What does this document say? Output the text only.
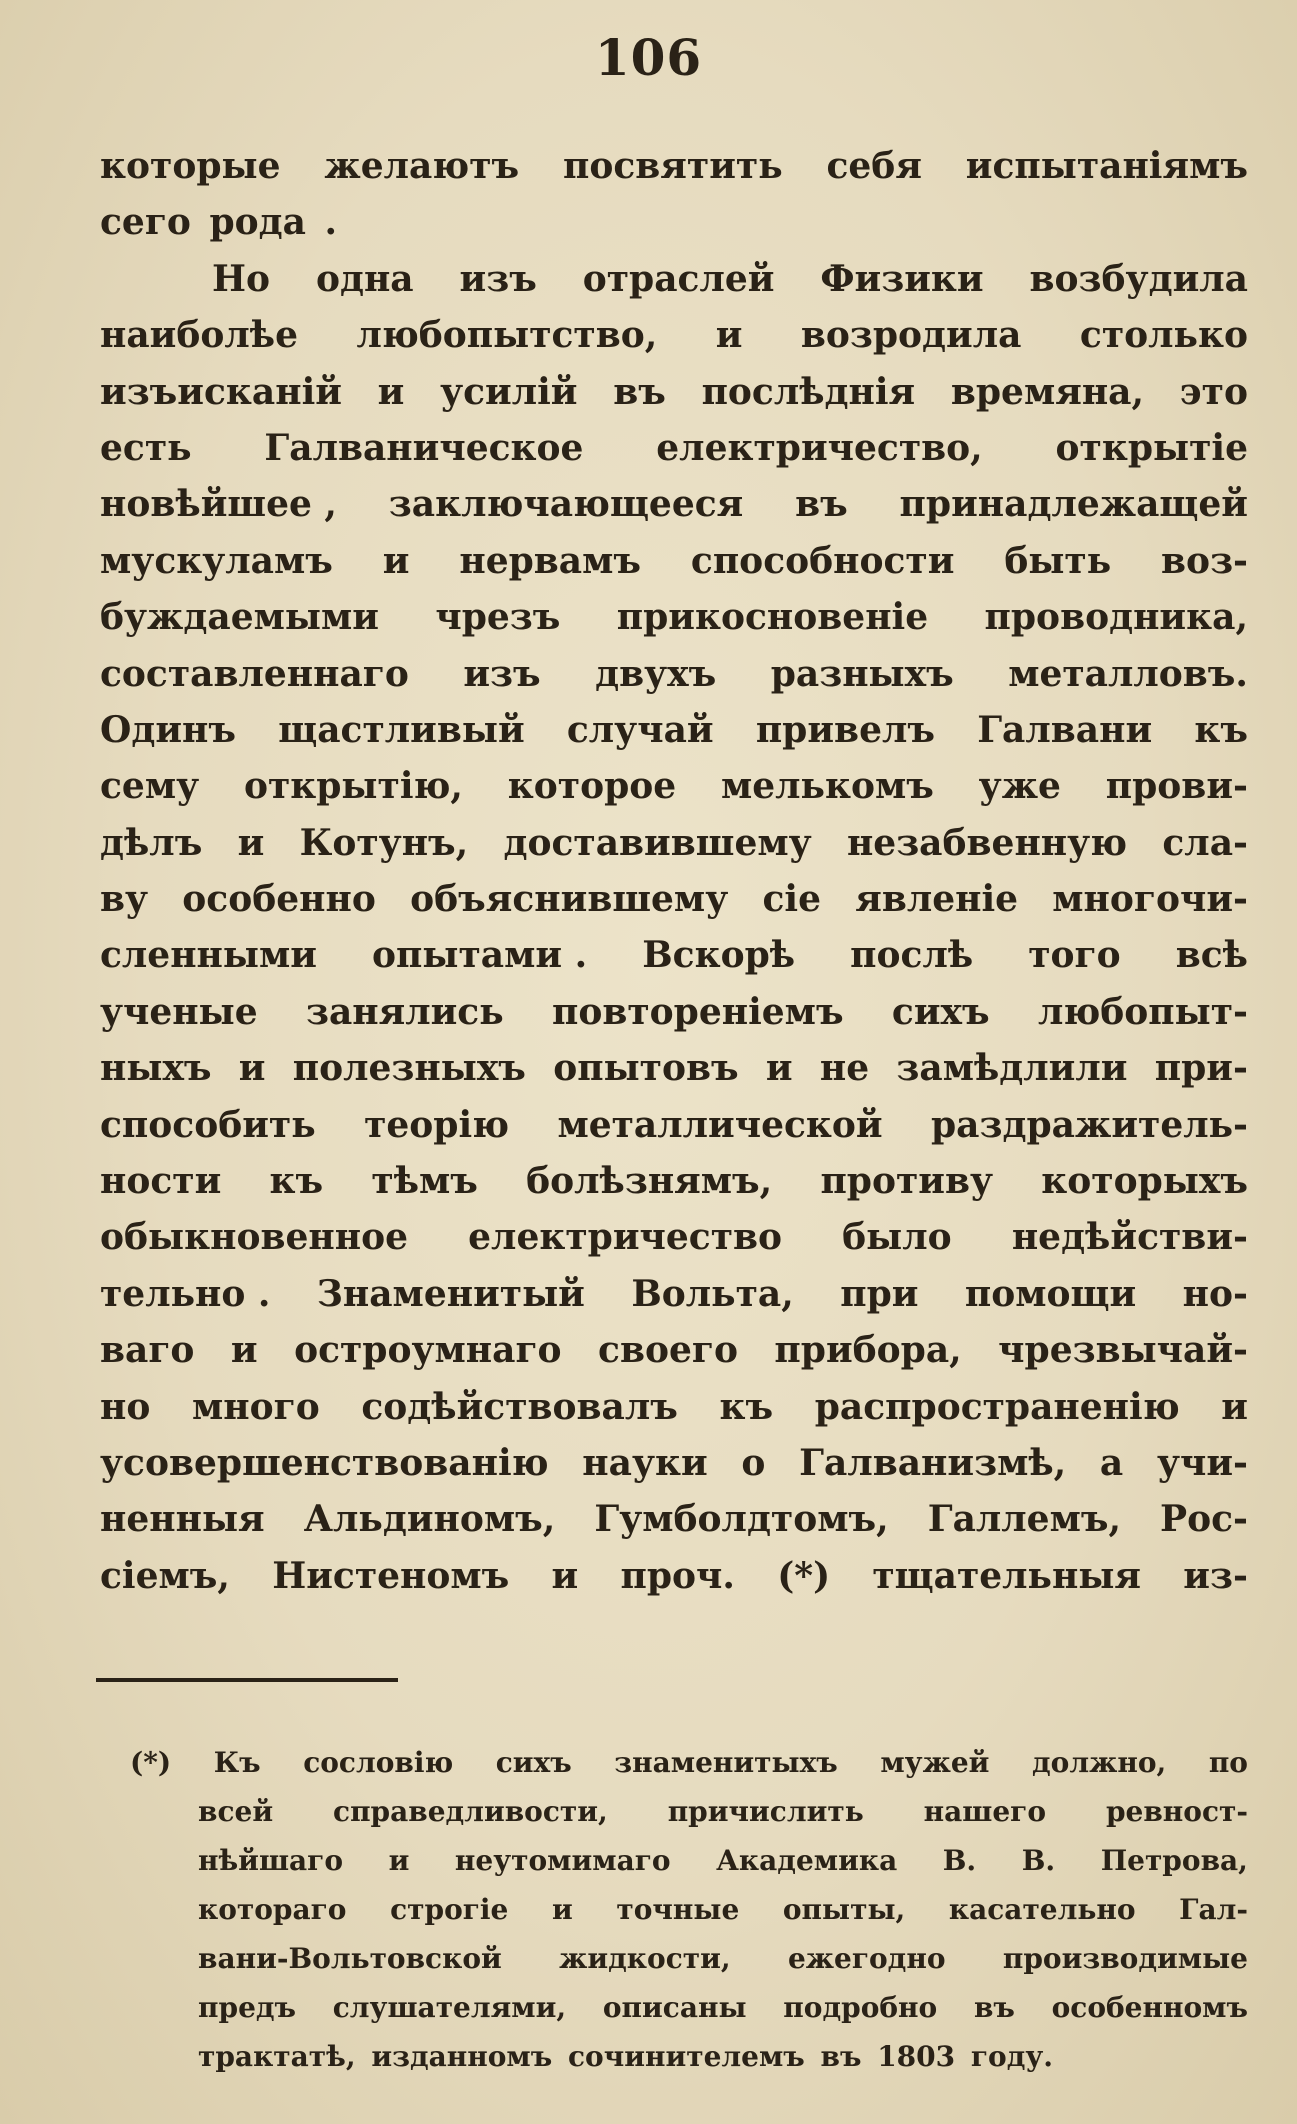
106
которые желаютъ посвятить себя испытаніямъ
сего
рода .
Но одна изъ отраслей Физики возбудила
наиболѣе любопытство, и возродила столько
изъисканій и усилій въ послѣднія времяна, это
есть Галваническое електричество, открытіе
новѣйшее , заключающееся въ принадлежащей
мускуламъ и нервамъ способности быть воз-
буждаемыми чрезъ прикосновеніе проводника,
составленнаго изъ двухъ разныхъ металловъ.
Одинъ щастливый случай привелъ Галвани къ
сему открытію, которое мелькомъ уже прови-
дѣлъ и Котунъ, доставившему незабвенную сла-
ву особенно объяснившему сіе явленіе многочи-
сленными опытами . Вскорѣ послѣ того всѣ
ученые занялись повтореніемъ сихъ любопыт-
ныхъ и полезныхъ опытовъ и не замѣдлили при-
способить теорію металлической раздражитель-
ности къ тѣмъ болѣзнямъ, противу которыхъ
обыкновенное електричество было недѣйстви-
тельно . Знаменитый Вольта, при помощи но-
ваго и остроумнаго своего прибора, чрезвычай-
но много содѣйствовалъ къ распространенію и
усовершенствованію науки о Галванизмѣ, а учи-
ненныя Альдиномъ, Гумболдтомъ, Галлемъ, Рос-
сіемъ, Нистеномъ и проч. (*) тщательныя из-
(*) Къ сословію сихъ знаменитыхъ мужей должно, по
всей справедливости, причислить нашего ревност-
нѣйшаго и неутомимаго Академика В. В. Петрова,
котораго строгіе и точные опыты, касательно Гал-
вани-Вольтовской жидкости, ежегодно производимые
предъ слушателями, описаны подробно въ особенномъ
трактатѣ,
изданномъ
сочинителемъ
въ
1803
году.
